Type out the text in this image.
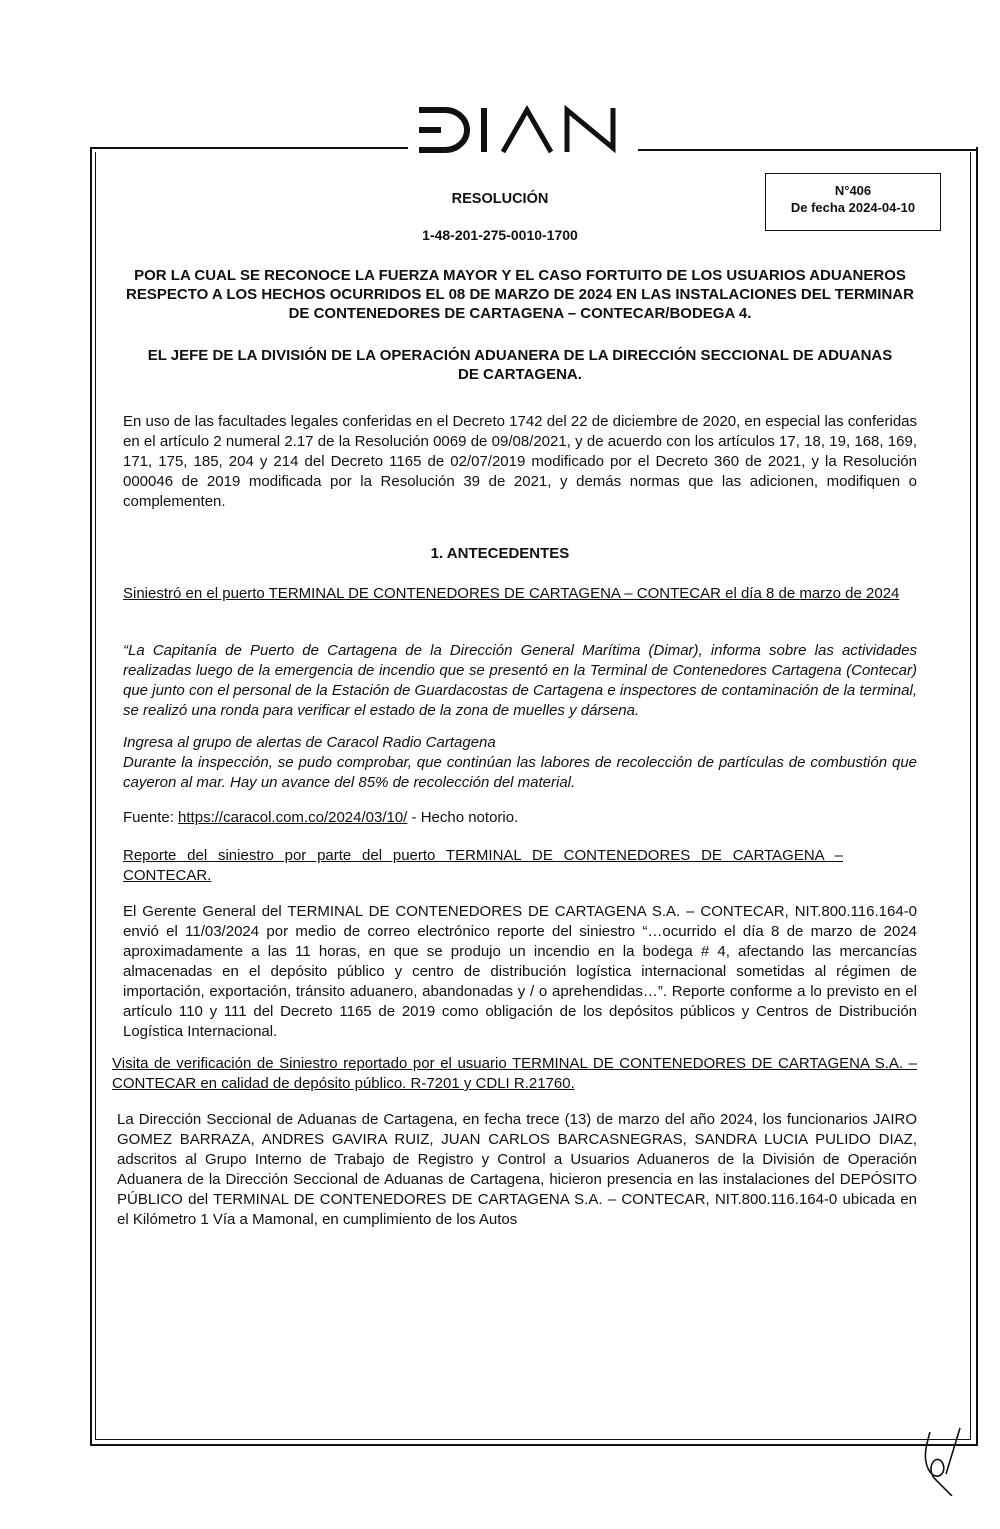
RESOLUCIÓN
1-48-201-275-0010-1700
N°406
De fecha 2024-04-10
POR LA CUAL SE RECONOCE LA FUERZA MAYOR Y EL CASO FORTUITO DE LOS USUARIOS ADUANEROS RESPECTO A LOS HECHOS OCURRIDOS EL 08 DE MARZO DE 2024 EN LAS INSTALACIONES DEL TERMINAR DE CONTENEDORES DE CARTAGENA – CONTECAR/BODEGA 4.
EL JEFE DE LA DIVISIÓN DE LA OPERACIÓN ADUANERA DE LA DIRECCIÓN SECCIONAL DE ADUANAS DE CARTAGENA.
En uso de las facultades legales conferidas en el Decreto 1742 del 22 de diciembre de 2020, en especial las conferidas en el artículo 2 numeral 2.17 de la Resolución 0069 de 09/08/2021, y de acuerdo con los artículos 17, 18, 19, 168, 169, 171, 175, 185, 204 y 214 del Decreto 1165 de 02/07/2019 modificado por el Decreto 360 de 2021, y la Resolución 000046 de 2019 modificada por la Resolución 39 de 2021, y demás normas que las adicionen, modifiquen o complementen.
1. ANTECEDENTES
Siniestró en el puerto TERMINAL DE CONTENEDORES DE CARTAGENA – CONTECAR el día 8 de marzo de 2024
“La Capitanía de Puerto de Cartagena de la Dirección General Marítima (Dimar), informa sobre las actividades realizadas luego de la emergencia de incendio que se presentó en la Terminal de Contenedores Cartagena (Contecar) que junto con el personal de la Estación de Guardacostas de Cartagena e inspectores de contaminación de la terminal, se realizó una ronda para verificar el estado de la zona de muelles y dársena.
Ingresa al grupo de alertas de Caracol Radio Cartagena
Durante la inspección, se pudo comprobar, que continúan las labores de recolección de partículas de combustión que cayeron al mar. Hay un avance del 85% de recolección del material.
Fuente: https://caracol.com.co/2024/03/10/ - Hecho notorio.
Reporte del siniestro por parte del puerto TERMINAL DE CONTENEDORES DE CARTAGENA – CONTECAR.
El Gerente General del TERMINAL DE CONTENEDORES DE CARTAGENA S.A. – CONTECAR, NIT.800.116.164-0 envió el 11/03/2024 por medio de correo electrónico reporte del siniestro “…ocurrido el día 8 de marzo de 2024 aproximadamente a las 11 horas, en que se produjo un incendio en la bodega # 4, afectando las mercancías almacenadas en el depósito público y centro de distribución logística internacional sometidas al régimen de importación, exportación, tránsito aduanero, abandonadas y / o aprehendidas…”. Reporte conforme a lo previsto en el artículo 110 y 111 del Decreto 1165 de 2019 como obligación de los depósitos públicos y Centros de Distribución Logística Internacional.
Visita de verificación de Siniestro reportado por el usuario TERMINAL DE CONTENEDORES DE CARTAGENA S.A. – CONTECAR en calidad de depósito público. R-7201 y CDLI R.21760.
La Dirección Seccional de Aduanas de Cartagena, en fecha trece (13) de marzo del año 2024, los funcionarios JAIRO GOMEZ BARRAZA, ANDRES GAVIRA RUIZ, JUAN CARLOS BARCASNEGRAS, SANDRA LUCIA PULIDO DIAZ, adscritos al Grupo Interno de Trabajo de Registro y Control a Usuarios Aduaneros de la División de Operación Aduanera de la Dirección Seccional de Aduanas de Cartagena, hicieron presencia en las instalaciones del DEPÓSITO PÚBLICO del TERMINAL DE CONTENEDORES DE CARTAGENA S.A. – CONTECAR, NIT.800.116.164-0 ubicada en el Kilómetro 1 Vía a Mamonal, en cumplimiento de los Autos
